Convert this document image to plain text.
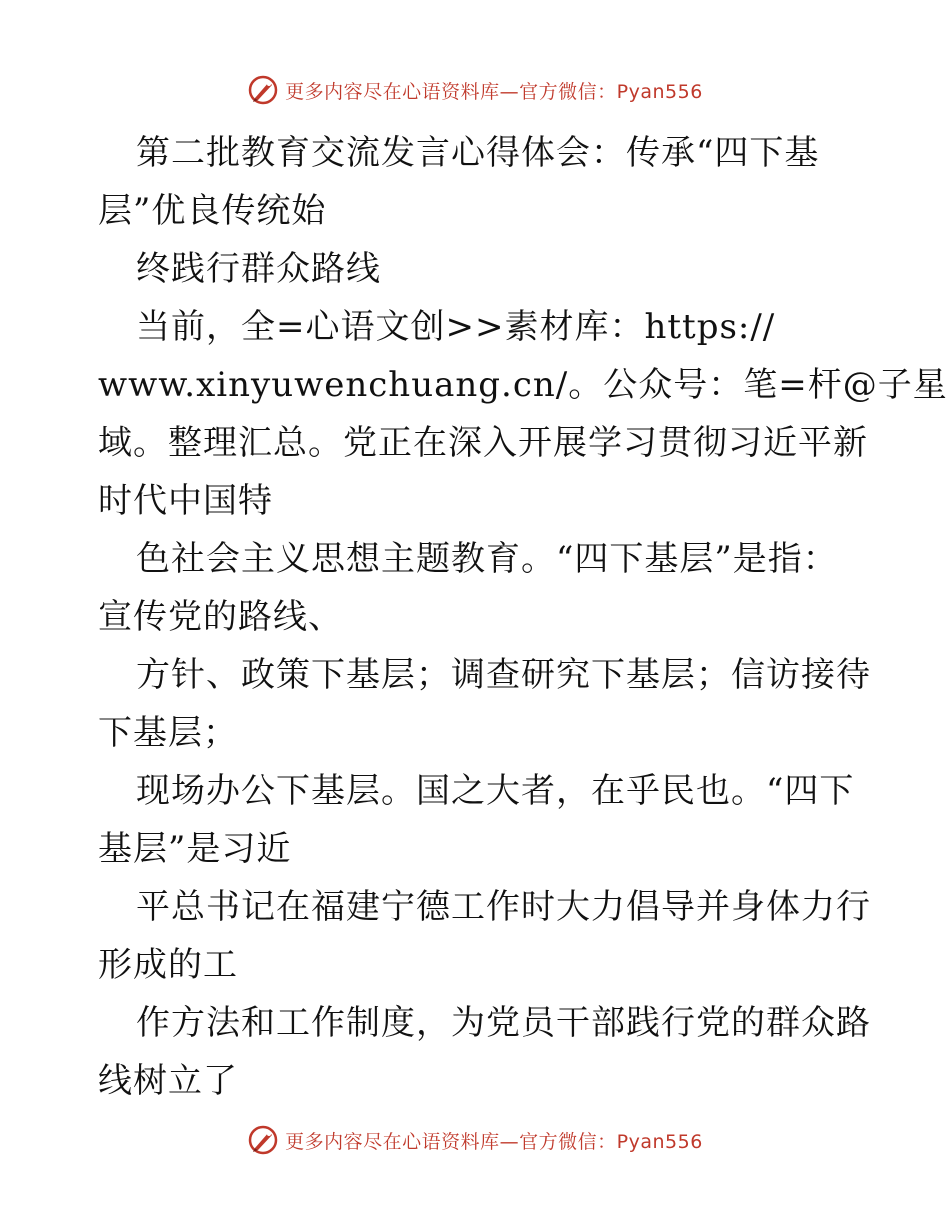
更多内容尽在心语资料库—官方微信：Pyan556
第二批教育交流发言心得体会：传承“四下基
层”优良传统始
终践行群众路线
当前，全=心语文创>>素材库：https://
www.xinyuwenchuang.cn/。公众号：笔=杆@子星
域。整理汇总。党正在深入开展学习贯彻习近平新
时代中国特
色社会主义思想主题教育。“四下基层”是指：
宣传党的路线、
方针、政策下基层；调查研究下基层；信访接待
下基层；
现场办公下基层。国之大者，在乎民也。“四下
基层”是习近
平总书记在福建宁德工作时大力倡导并身体力行
形成的工
作方法和工作制度，为党员干部践行党的群众路
线树立了
更多内容尽在心语资料库—官方微信：Pyan556
